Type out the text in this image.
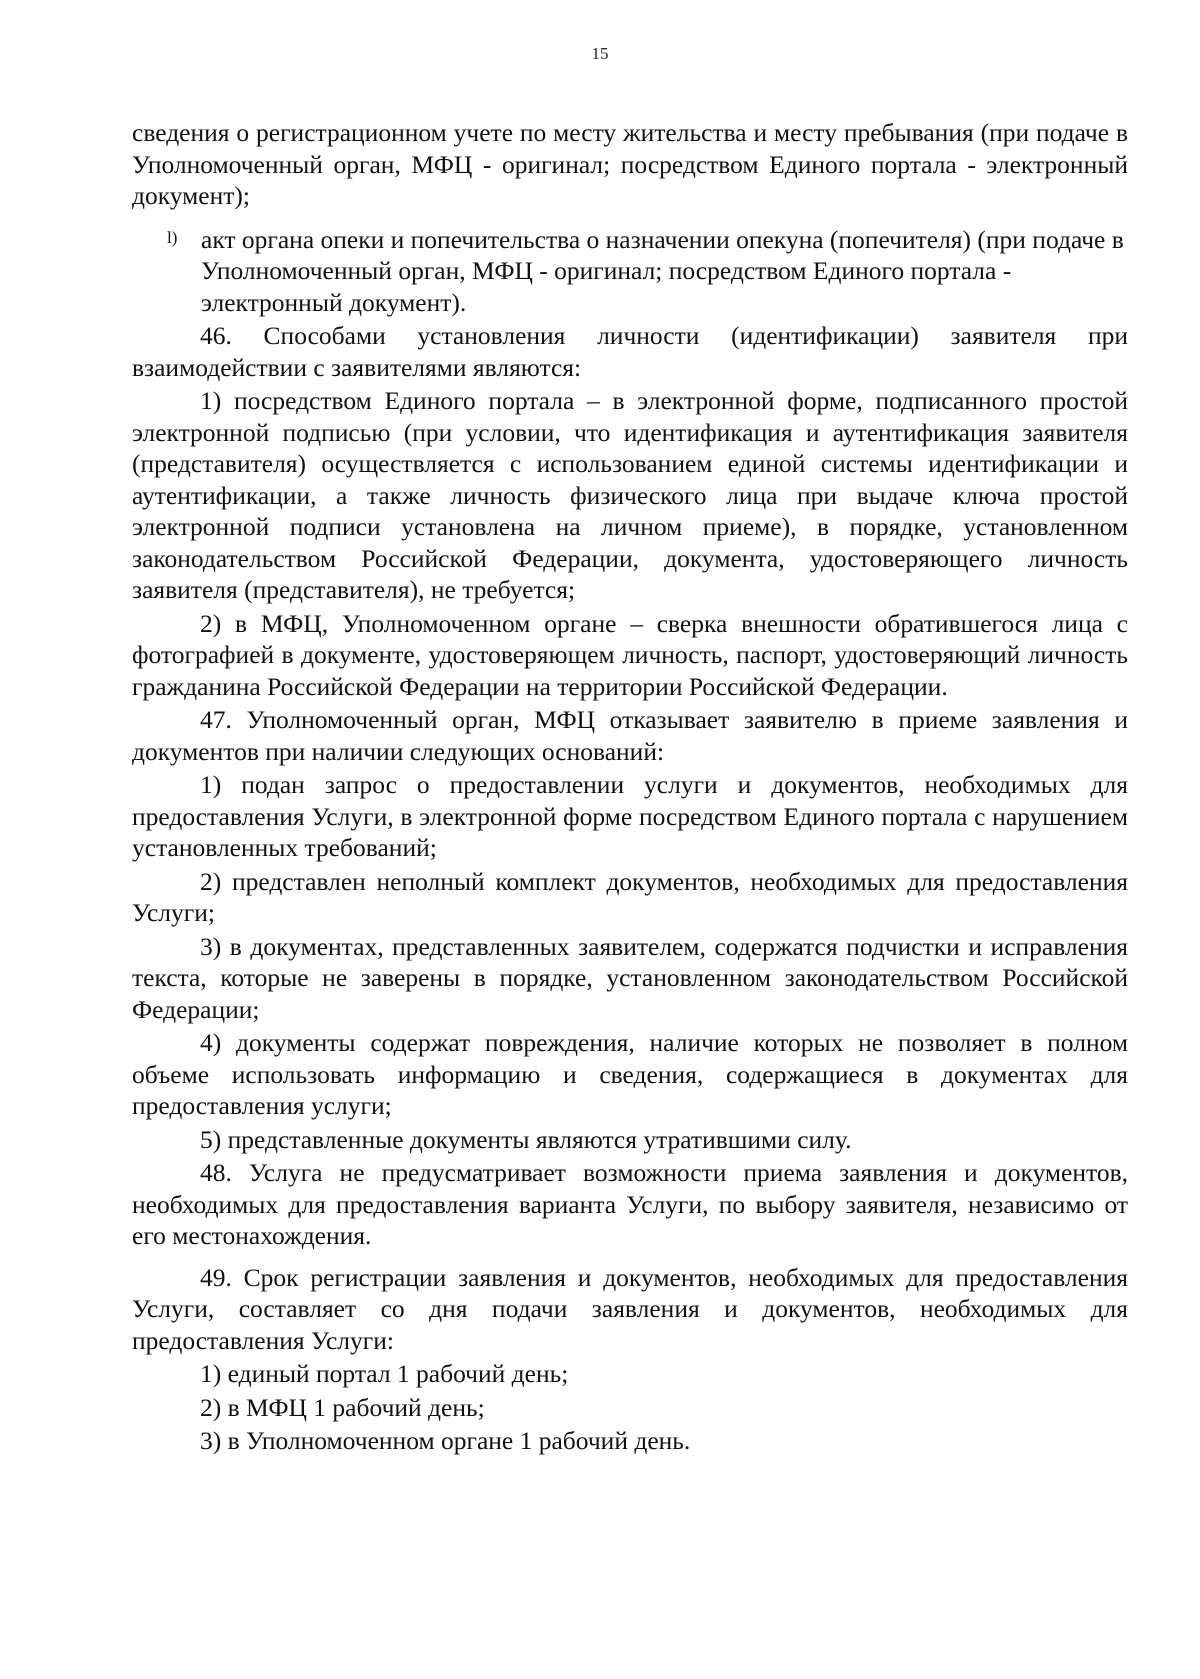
15

сведения о регистрационном учете по месту жительства и месту пребывания (при подаче в Уполномоченный орган, МФЦ - оригинал; посредством Единого портала - электронный документ);

l) акт органа опеки и попечительства о назначении опекуна (попечителя) (при подаче в Уполномоченный орган, МФЦ - оригинал; посредством Единого портала - электронный документ).

46. Способами установления личности (идентификации) заявителя при взаимодействии с заявителями являются:

1) посредством Единого портала – в электронной форме, подписанного простой электронной подписью (при условии, что идентификация и аутентификация заявителя (представителя) осуществляется с использованием единой системы идентификации и аутентификации, а также личность физического лица при выдаче ключа простой электронной подписи установлена на личном приеме), в порядке, установленном законодательством Российской Федерации, документа, удостоверяющего личность заявителя (представителя), не требуется;

2) в МФЦ, Уполномоченном органе – сверка внешности обратившегося лица с фотографией в документе, удостоверяющем личность, паспорт, удостоверяющий личность гражданина Российской Федерации на территории Российской Федерации.

47. Уполномоченный орган, МФЦ отказывает заявителю в приеме заявления и документов при наличии следующих оснований:

1) подан запрос о предоставлении услуги и документов, необходимых для предоставления Услуги, в электронной форме посредством Единого портала с нарушением установленных требований;

2) представлен неполный комплект документов, необходимых для предоставления Услуги;

3) в документах, представленных заявителем, содержатся подчистки и исправления текста, которые не заверены в порядке, установленном законодательством Российской Федерации;

4) документы содержат повреждения, наличие которых не позволяет в полном объеме использовать информацию и сведения, содержащиеся в документах для предоставления услуги;

5) представленные документы являются утратившими силу.

48. Услуга не предусматривает возможности приема заявления и документов, необходимых для предоставления варианта Услуги, по выбору заявителя, независимо от его местонахождения.

49. Срок регистрации заявления и документов, необходимых для предоставления Услуги, составляет со дня подачи заявления и документов, необходимых для предоставления Услуги:

1) единый портал 1 рабочий день;

2) в МФЦ 1 рабочий день;

3) в Уполномоченном органе 1 рабочий день.
